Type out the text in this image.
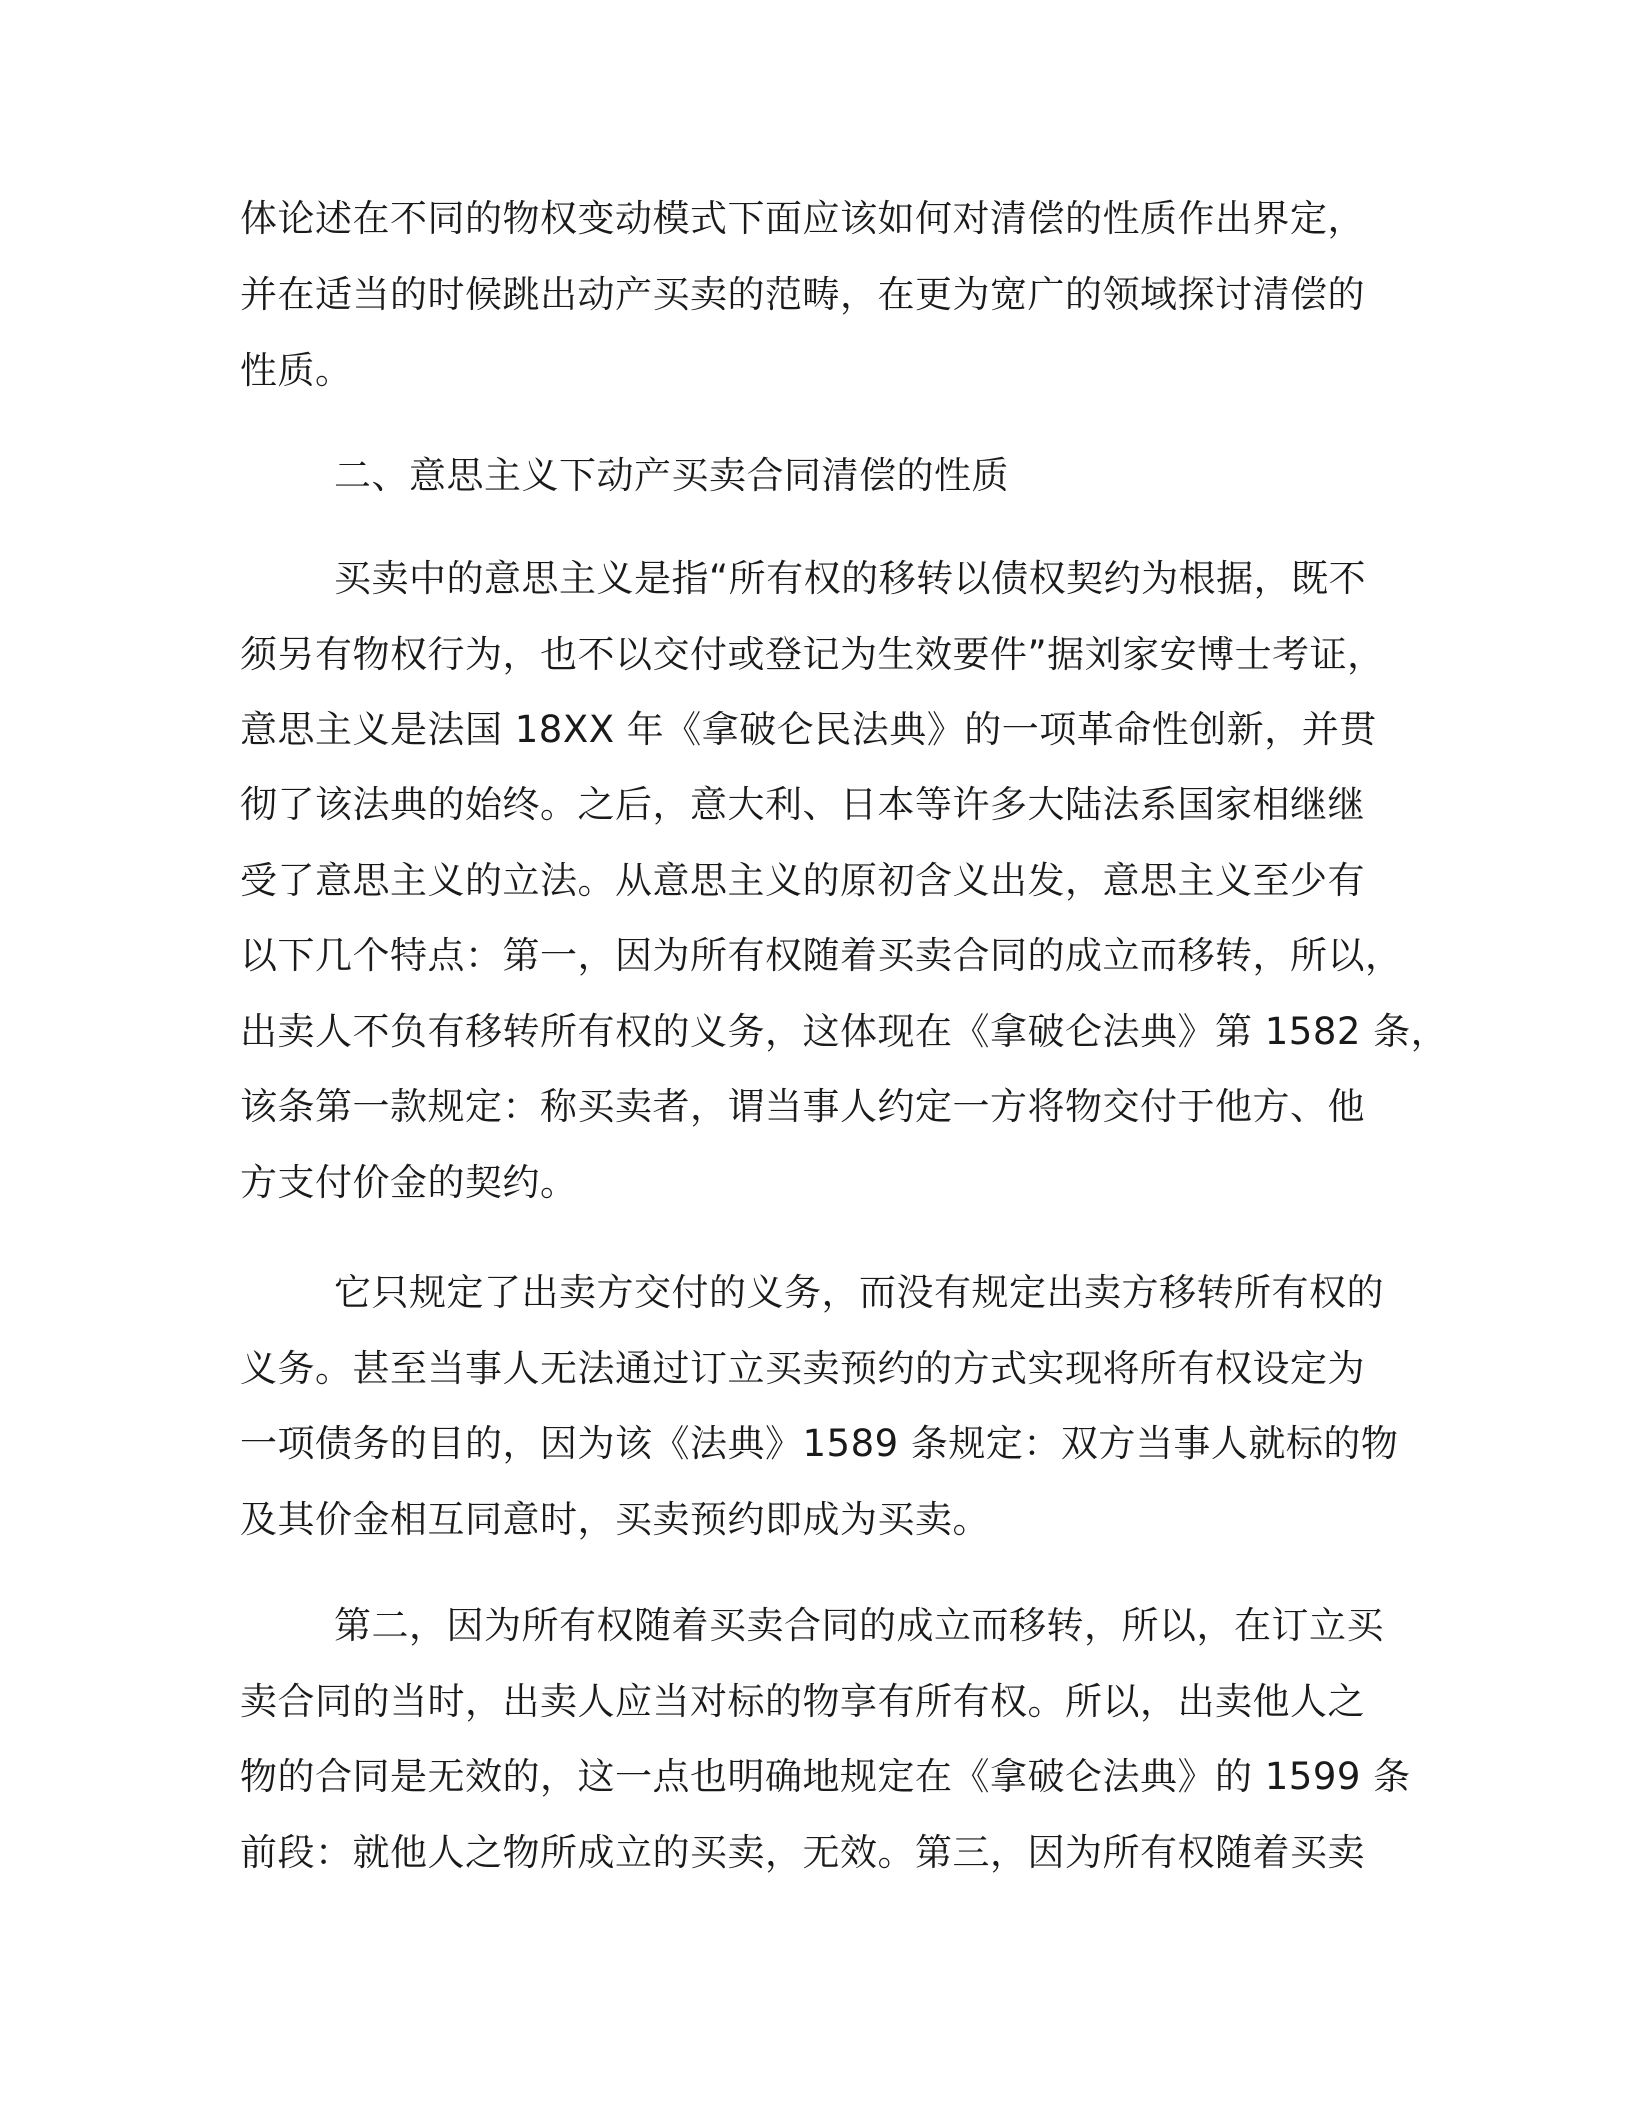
体论述在不同的物权变动模式下面应该如何对清偿的性质作出界定，
并在适当的时候跳出动产买卖的范畴，在更为宽广的领域探讨清偿的
性质。
二、意思主义下动产买卖合同清偿的性质
买卖中的意思主义是指“所有权的移转以债权契约为根据，既不
须另有物权行为，也不以交付或登记为生效要件”据刘家安博士考证，
意思主义是法国 18XX 年《拿破仑民法典》的一项革命性创新，并贯
彻了该法典的始终。之后，意大利、日本等许多大陆法系国家相继继
受了意思主义的立法。从意思主义的原初含义出发，意思主义至少有
以下几个特点：第一，因为所有权随着买卖合同的成立而移转，所以，
出卖人不负有移转所有权的义务，这体现在《拿破仑法典》第 1582 条，
该条第一款规定：称买卖者，谓当事人约定一方将物交付于他方、他
方支付价金的契约。
它只规定了出卖方交付的义务，而没有规定出卖方移转所有权的
义务。甚至当事人无法通过订立买卖预约的方式实现将所有权设定为
一项债务的目的，因为该《法典》1589 条规定：双方当事人就标的物
及其价金相互同意时，买卖预约即成为买卖。
第二，因为所有权随着买卖合同的成立而移转，所以，在订立买
卖合同的当时，出卖人应当对标的物享有所有权。所以，出卖他人之
物的合同是无效的，这一点也明确地规定在《拿破仑法典》的 1599 条
前段：就他人之物所成立的买卖，无效。第三，因为所有权随着买卖
